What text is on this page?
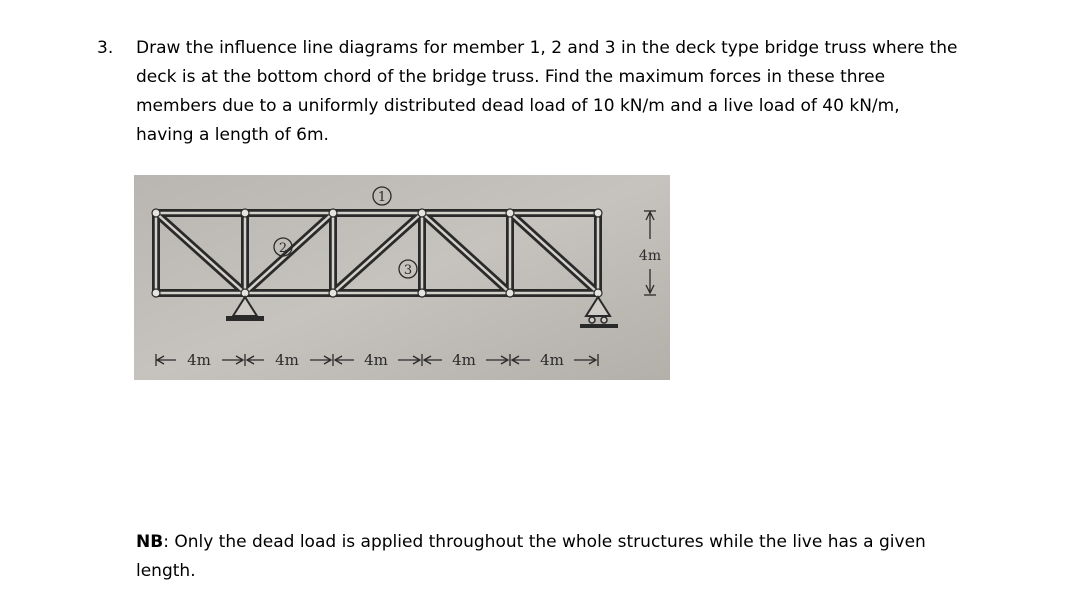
3. Draw the influence line diagrams for member 1, 2 and 3 in the deck type bridge truss where the
deck is at the bottom chord of the bridge truss. Find the maximum forces in these three
members due to a uniformly distributed dead load of 10 kN/m and a live load of 40 kN/m,
having a length of 6m.
1
2
3
4m	4m	4m	4m	4m
4m
NB: Only the dead load is applied throughout the whole structures while the live has a given
length.
